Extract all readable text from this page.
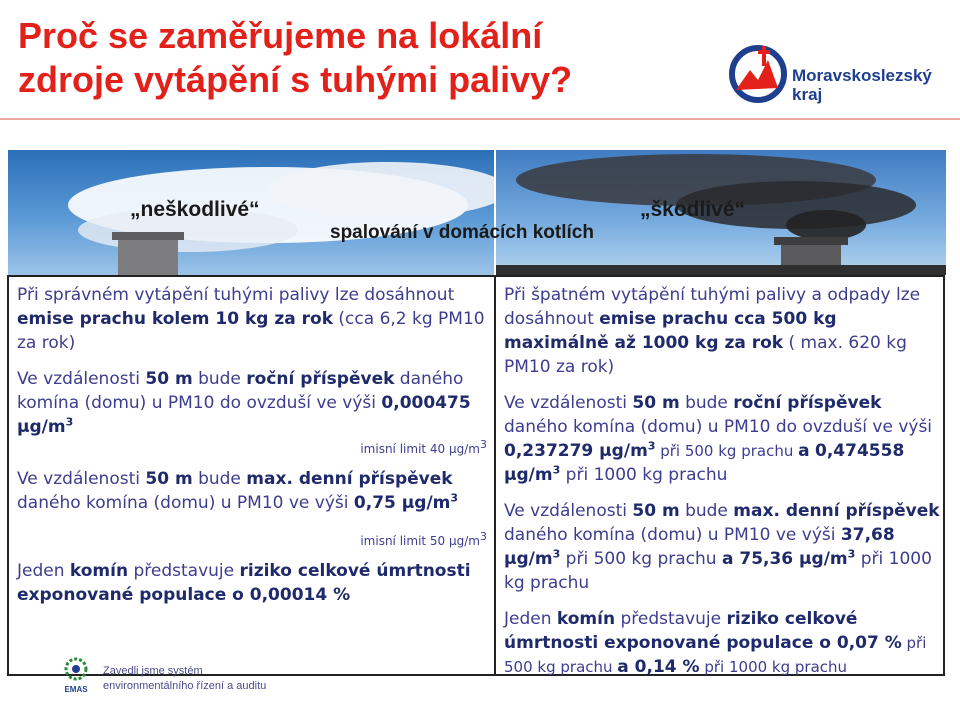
Proč se zaměřujeme na lokální zdroje vytápění s tuhými palivy?	Moravskoslezský
kraj
„neškodlivé“	„škodlivé“
spalování v domácích kotlích

Při správném vytápění tuhými palivy lze dosáhnout emise prachu kolem 10 kg za rok (cca 6,2 kg PM10 za rok)

Ve vzdálenosti 50 m bude roční příspěvek daného komína (domu) u PM10 do ovzduší ve výši 0,000475 $\mu g/m^3$

imisní limit 40 $\mu g/m^3$

Ve vzdálenosti 50 m bude max. denní příspěvek daného komína (domu) u PM10 ve výši 0,75 $\mu g/m^3$

imisní limit 50 $\mu g/m^3$

Jeden komín představuje riziko celkové úmrtnosti exponované populace o 0,00014 %

Při špatném vytápění tuhými palivy a odpady lze dosáhnout emise prachu cca 500 kg maximálně až 1000 kg za rok ( max. 620 kg PM10 za rok)

Ve vzdálenosti 50 m bude roční příspěvek daného komína (domu) u PM10 do ovzduší ve výši 0,237279 $\mu g/m^3$ při 500 kg prachu a 0,474558 $\mu g/m^3$ při 1000 kg prachu

Ve vzdálenosti 50 m bude max. denní příspěvek daného komína (domu) u PM10 ve výši 37,68 $\mu g/m^3$ při 500 kg prachu a 75,36 $\mu g/m^3$ při 1000 kg prachu

Jeden komín představuje riziko celkové úmrtnosti exponované populace o 0,07 % při 500 kg prachu a 0,14 % při 1000 kg prachu

EMAS
Zavedli jsme systém
environmentálního řízení a auditu
